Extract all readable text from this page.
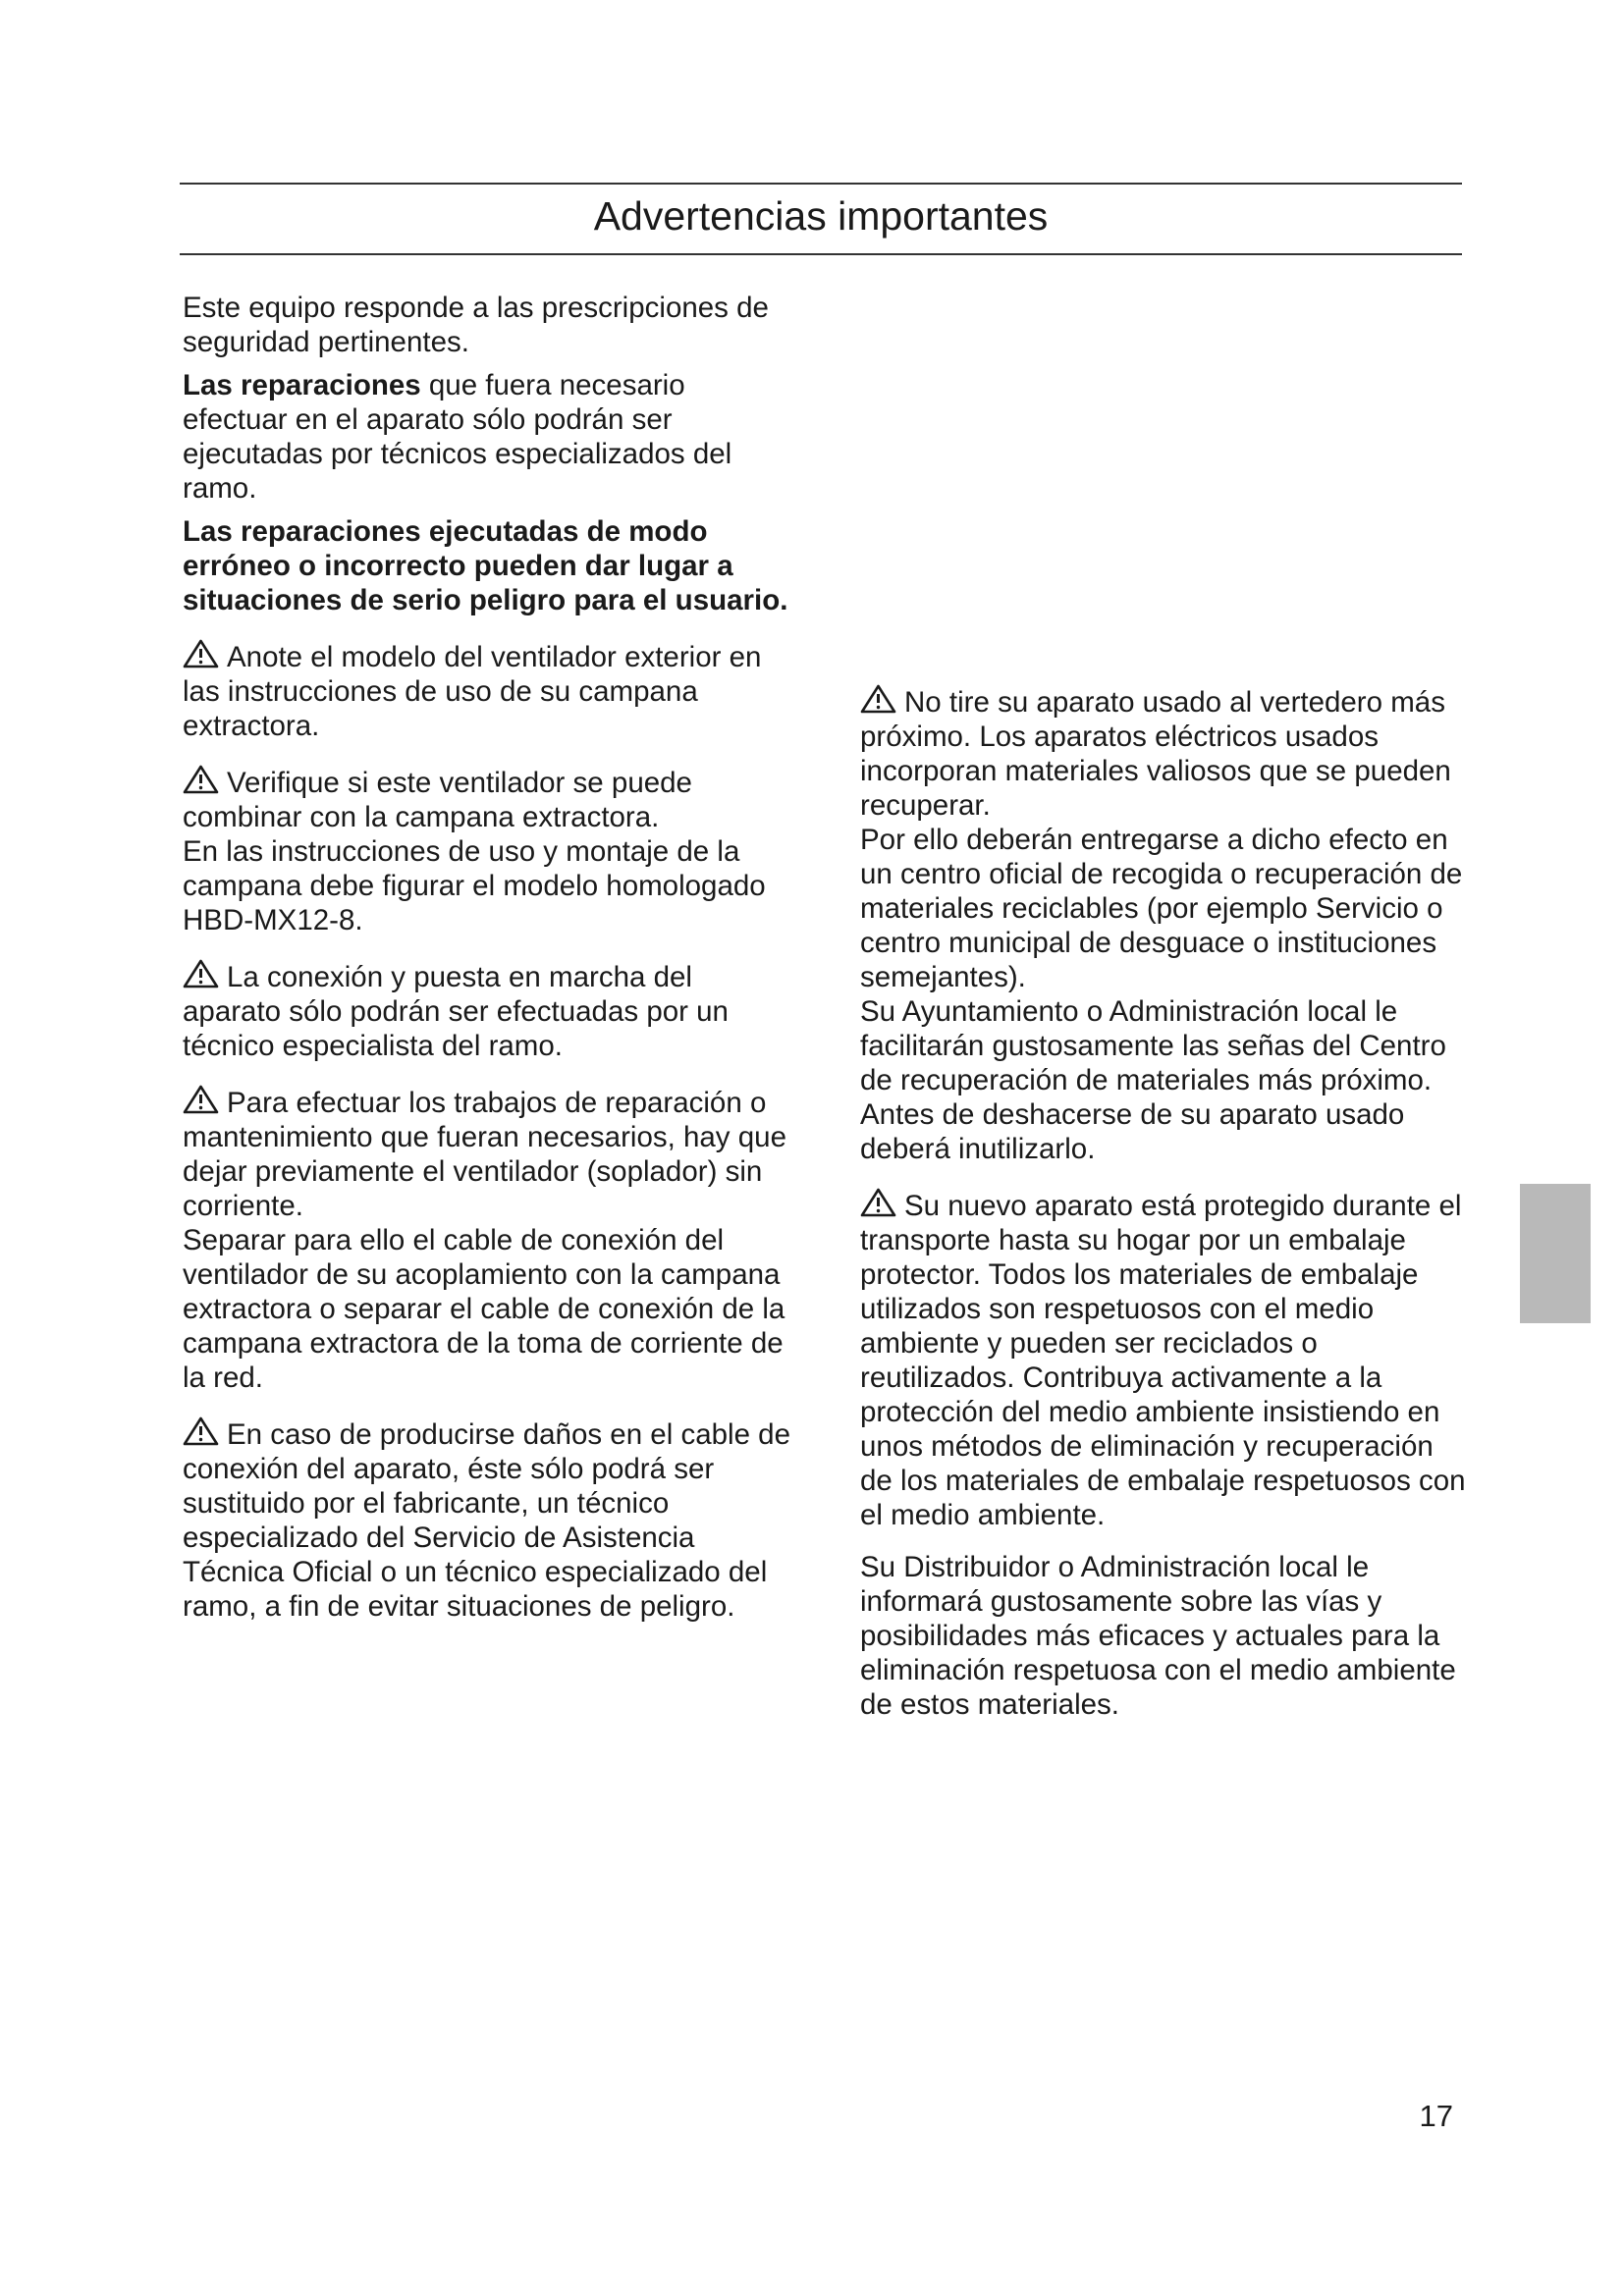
Advertencias importantes

Este equipo responde a las prescripciones de seguridad pertinentes.

Las reparaciones que fuera necesario efectuar en el aparato sólo podrán ser ejecutadas por técnicos especializados del ramo.

Las reparaciones ejecutadas de modo erróneo o incorrecto pueden dar lugar a situaciones de serio peligro para el usuario.

Anote el modelo del ventilador exterior en las instrucciones de uso de su campana extractora.

Verifique si este ventilador se puede combinar con la campana extractora.

En las instrucciones de uso y montaje de la campana debe figurar el modelo homologado HBD-MX12-8.

La conexión y puesta en marcha del aparato sólo podrán ser efectuadas por un técnico especialista del ramo.

Para efectuar los trabajos de reparación o mantenimiento que fueran necesarios, hay que dejar previamente el ventilador (soplador) sin corriente.

Separar para ello el cable de conexión del ventilador de su acoplamiento con la campana extractora o separar el cable de conexión de la campana extractora de la toma de corriente de la red.

En caso de producirse daños en el cable de conexión del aparato, éste sólo podrá ser sustituido por el fabricante, un técnico especializado del Servicio de Asistencia Técnica Oficial o un técnico especializado del ramo, a fin de evitar situaciones de peligro.

No tire su aparato usado al vertedero más próximo. Los aparatos eléctricos usados incorporan materiales valiosos que se pueden recuperar.

Por ello deberán entregarse a dicho efecto en un centro oficial de recogida o recuperación de materiales reciclables (por ejemplo Servicio o centro municipal de desguace o instituciones semejantes).

Su Ayuntamiento o Administración local le facilitarán gustosamente las señas del Centro de recuperación de materiales más próximo.

Antes de deshacerse de su aparato usado deberá inutilizarlo.

Su nuevo aparato está protegido durante el transporte hasta su hogar por un embalaje protector. Todos los materiales de embalaje utilizados son respetuosos con el medio ambiente y pueden ser reciclados o reutilizados. Contribuya activamente a la protección del medio ambiente insistiendo en unos métodos de eliminación y recuperación de los materiales de embalaje respetuosos con el medio ambiente.

Su Distribuidor o Administración local le informará gustosamente sobre las vías y posibilidades más eficaces y actuales para la eliminación respetuosa con el medio ambiente de estos materiales.

17
